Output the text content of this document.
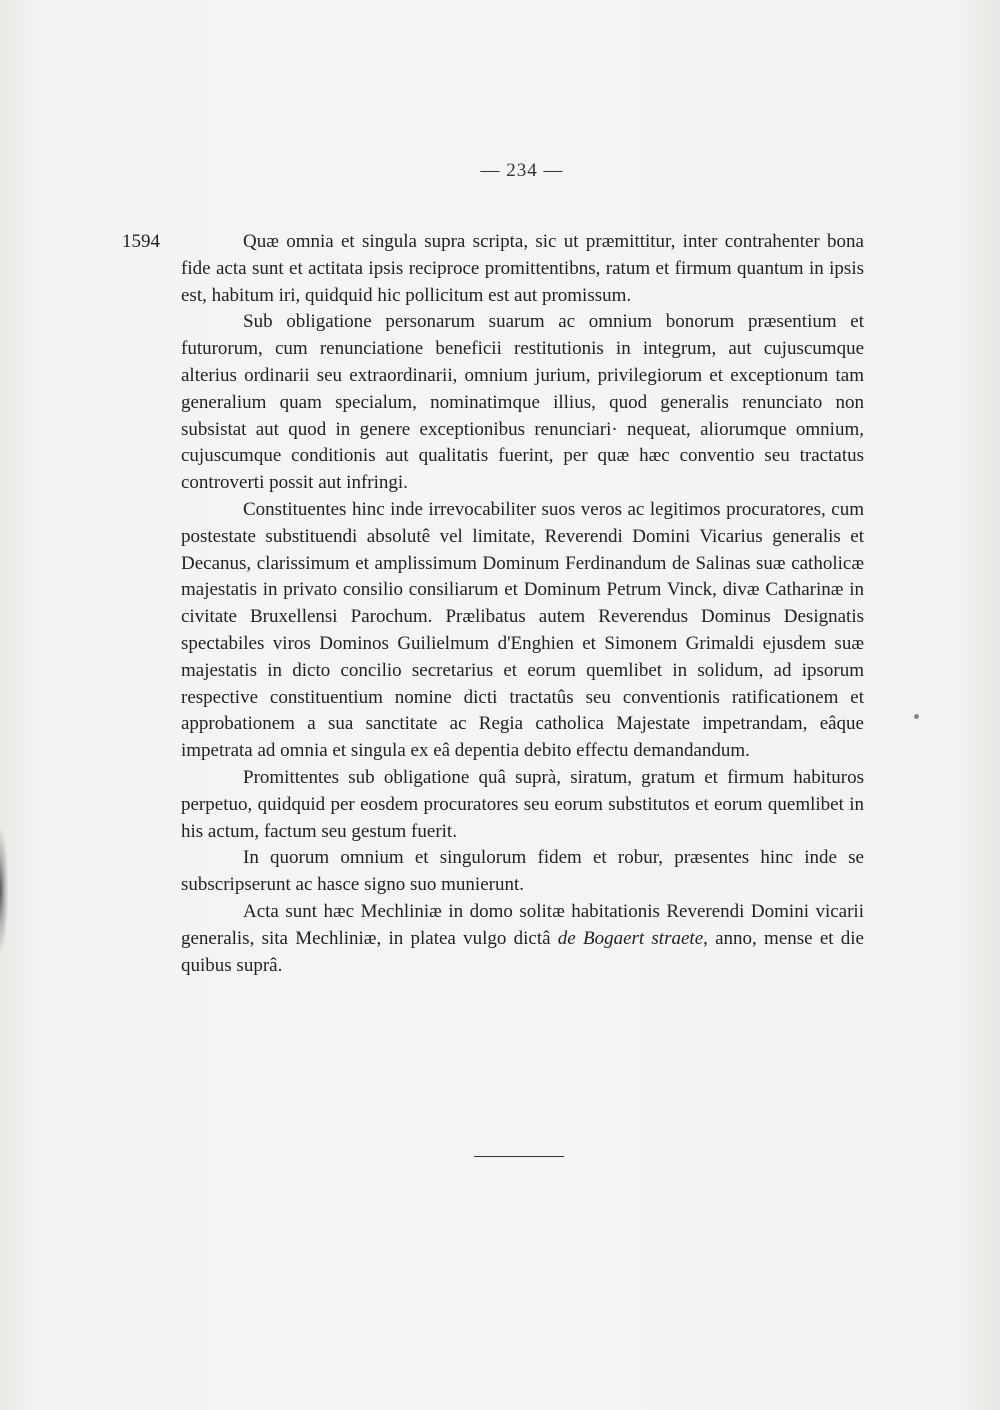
— 234 —
1594	Quæ omnia et singula supra scripta, sic ut præmittitur, inter contrahenter bona fide acta sunt et actitata ipsis reciproce promittentibns, ratum et firmum quantum in ipsis est, habitum iri, quidquid hic pollicitum est aut promissum.

Sub obligatione personarum suarum ac omnium bonorum præsentium et futurorum, cum renunciatione beneficii restitutionis in integrum, aut cujuscumque alterius ordinarii seu extraordinarii, omnium jurium, privilegiorum et exceptionum tam generalium quam specialum, nominatimque illius, quod generalis renunciato non subsistat aut quod in genere exceptionibus renunciari· nequeat, aliorumque omnium, cujuscumque conditionis aut qualitatis fuerint, per quæ hæc conventio seu tractatus controverti possit aut infringi.

Constituentes hinc inde irrevocabiliter suos veros ac legitimos procuratores, cum postestate substituendi absolutê vel limitate, Reverendi Domini Vicarius generalis et Decanus, clarissimum et amplissimum Dominum Ferdinandum de Salinas suæ catholicæ majestatis in privato consilio consiliarum et Dominum Petrum Vinck, divæ Catharinæ in civitate Bruxellensi Parochum. Prælibatus autem Reverendus Dominus Designatis spectabiles viros Dominos Guilielmum d'Enghien et Simonem Grimaldi ejusdem suæ majestatis in dicto concilio secretarius et eorum quemlibet in solidum, ad ipsorum respective constituentium nomine dicti tractatûs seu conventionis ratificationem et approbationem a sua sanctitate ac Regia catholica Majestate impetrandam, eâque impetrata ad omnia et singula ex eâ depentia debito effectu demandandum.

Promittentes sub obligatione quâ suprà, siratum, gratum et firmum habituros perpetuo, quidquid per eosdem procuratores seu eorum substitutos et eorum quemlibet in his actum, factum seu gestum fuerit.

In quorum omnium et singulorum fidem et robur, præsentes hinc inde se subscripserunt ac hasce signo suo munierunt.

Acta sunt hæc Mechliniæ in domo solitæ habitationis Reverendi Domini vicarii generalis, sita Mechliniæ, in platea vulgo dictâ de Bogaert straete, anno, mense et die quibus suprâ.
